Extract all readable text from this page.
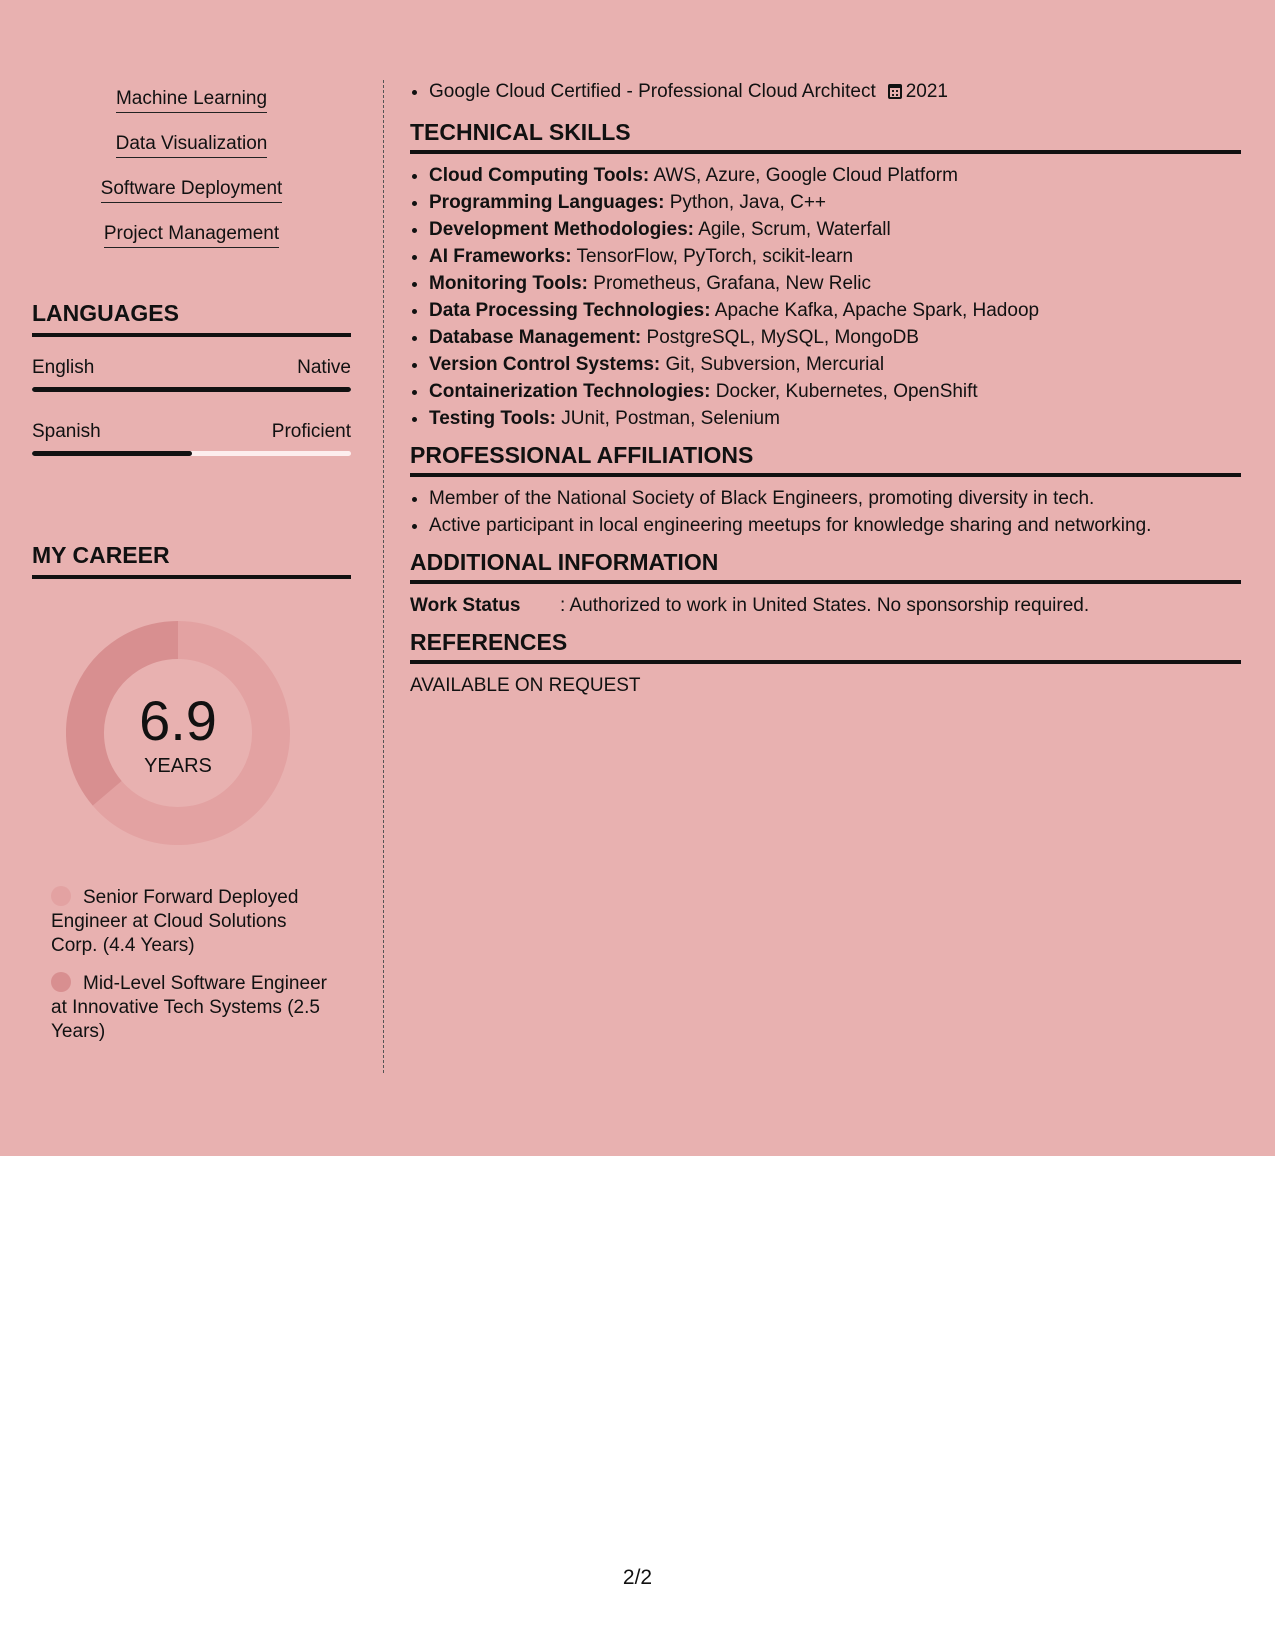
Machine Learning
Data Visualization
Software Deployment
Project Management
LANGUAGES
English	Native
Spanish	Proficient
MY CAREER
6.9
YEARS
Senior Forward Deployed Engineer at Cloud Solutions Corp. (4.4 Years)
Mid-Level Software Engineer at Innovative Tech Systems (2.5 Years)
• Google Cloud Certified - Professional Cloud Architect 2021
TECHNICAL SKILLS
• Cloud Computing Tools: AWS, Azure, Google Cloud Platform
• Programming Languages: Python, Java, C++
• Development Methodologies: Agile, Scrum, Waterfall
• AI Frameworks: TensorFlow, PyTorch, scikit-learn
• Monitoring Tools: Prometheus, Grafana, New Relic
• Data Processing Technologies: Apache Kafka, Apache Spark, Hadoop
• Database Management: PostgreSQL, MySQL, MongoDB
• Version Control Systems: Git, Subversion, Mercurial
• Containerization Technologies: Docker, Kubernetes, OpenShift
• Testing Tools: JUnit, Postman, Selenium
PROFESSIONAL AFFILIATIONS
• Member of the National Society of Black Engineers, promoting diversity in tech.
• Active participant in local engineering meetups for knowledge sharing and networking.
ADDITIONAL INFORMATION
Work Status	: Authorized to work in United States. No sponsorship required.
REFERENCES
AVAILABLE ON REQUEST
2/2
